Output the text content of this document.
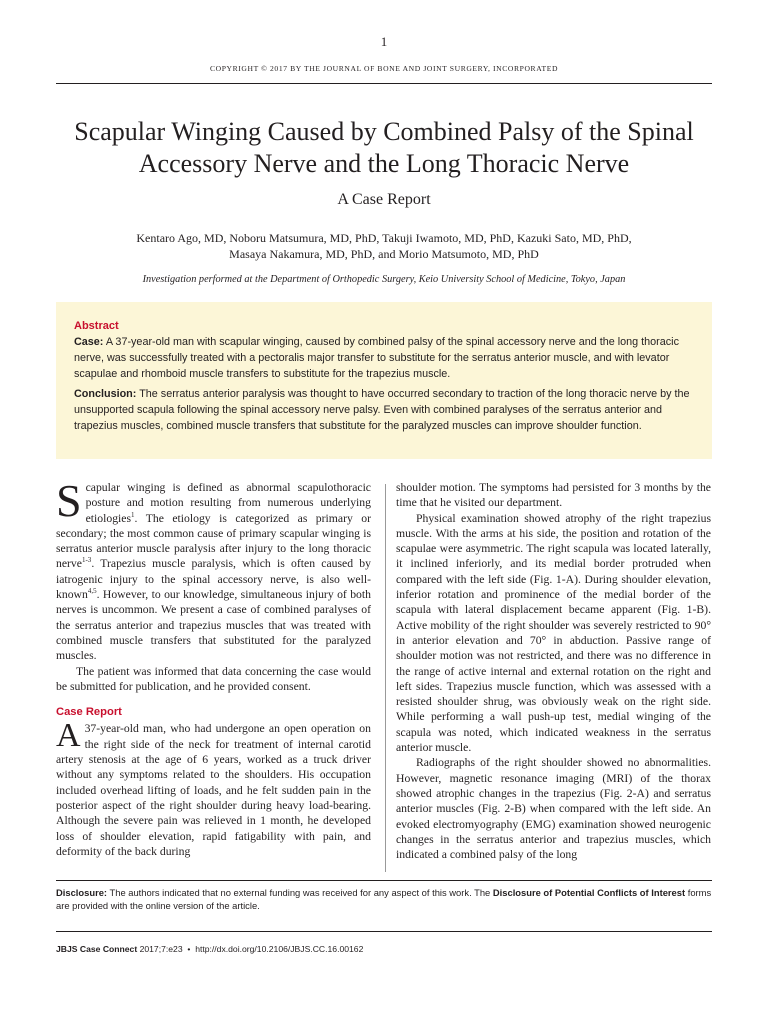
1
COPYRIGHT © 2017 BY THE JOURNAL OF BONE AND JOINT SURGERY, INCORPORATED
Scapular Winging Caused by Combined Palsy of the Spinal Accessory Nerve and the Long Thoracic Nerve
A Case Report
Kentaro Ago, MD, Noboru Matsumura, MD, PhD, Takuji Iwamoto, MD, PhD, Kazuki Sato, MD, PhD,
Masaya Nakamura, MD, PhD, and Morio Matsumoto, MD, PhD
Investigation performed at the Department of Orthopedic Surgery, Keio University School of Medicine, Tokyo, Japan
Abstract

Case: A 37-year-old man with scapular winging, caused by combined palsy of the spinal accessory nerve and the long thoracic nerve, was successfully treated with a pectoralis major transfer to substitute for the serratus anterior muscle, and with levator scapulae and rhomboid muscle transfers to substitute for the trapezius muscle.

Conclusion: The serratus anterior paralysis was thought to have occurred secondary to traction of the long thoracic nerve by the unsupported scapula following the spinal accessory nerve palsy. Even with combined paralyses of the serratus anterior and trapezius muscles, combined muscle transfers that substitute for the paralyzed muscles can improve shoulder function.

Scapular winging is defined as abnormal scapulothoracic posture and motion resulting from numerous underlying etiologies$^1$. The etiology is categorized as primary or secondary; the most common cause of primary scapular winging is serratus anterior muscle paralysis after injury to the long thoracic nerve$^{1-3}$. Trapezius muscle paralysis, which is often caused by iatrogenic injury to the spinal accessory nerve, is also well-known$^{4,5}$. However, to our knowledge, simultaneous injury of both nerves is uncommon. We present a case of combined paralyses of the serratus anterior and trapezius muscles that was treated with combined muscle transfers that substituted for the paralyzed muscles.

The patient was informed that data concerning the case would be submitted for publication, and he provided consent.

Case Report

A 37-year-old man, who had undergone an open operation on the right side of the neck for treatment of internal carotid artery stenosis at the age of 6 years, worked as a truck driver without any symptoms related to the shoulders. His occupation included overhead lifting of loads, and he felt sudden pain in the posterior aspect of the right shoulder during heavy load-bearing. Although the severe pain was relieved in 1 month, he developed loss of shoulder elevation, rapid fatigability with pain, and deformity of the back during

shoulder motion. The symptoms had persisted for 3 months by the time that he visited our department.

Physical examination showed atrophy of the right trapezius muscle. With the arms at his side, the position and rotation of the scapulae were asymmetric. The right scapula was located laterally, it inclined inferiorly, and its medial border protruded when compared with the left side (Fig. 1-A). During shoulder elevation, inferior rotation and prominence of the medial border of the scapula with lateral displacement became apparent (Fig. 1-B). Active mobility of the right shoulder was severely restricted to 90° in anterior elevation and 70° in abduction. Passive range of shoulder motion was not restricted, and there was no difference in the range of active internal and external rotation on the right and left sides. Trapezius muscle function, which was assessed with a resisted shoulder shrug, was obviously weak on the right side. While performing a wall push-up test, medial winging of the scapula was noted, which indicated weakness in the serratus anterior muscle.

Radiographs of the right shoulder showed no abnormalities. However, magnetic resonance imaging (MRI) of the thorax showed atrophic changes in the trapezius (Fig. 2-A) and serratus anterior muscles (Fig. 2-B) when compared with the left side. An evoked electromyography (EMG) examination showed neurogenic changes in the serratus anterior and trapezius muscles, which indicated a combined palsy of the long

Disclosure: The authors indicated that no external funding was received for any aspect of this work. The Disclosure of Potential Conflicts of Interest forms are provided with the online version of the article.
JBJS Case Connect 2017;7:e23 • http://dx.doi.org/10.2106/JBJS.CC.16.00162
